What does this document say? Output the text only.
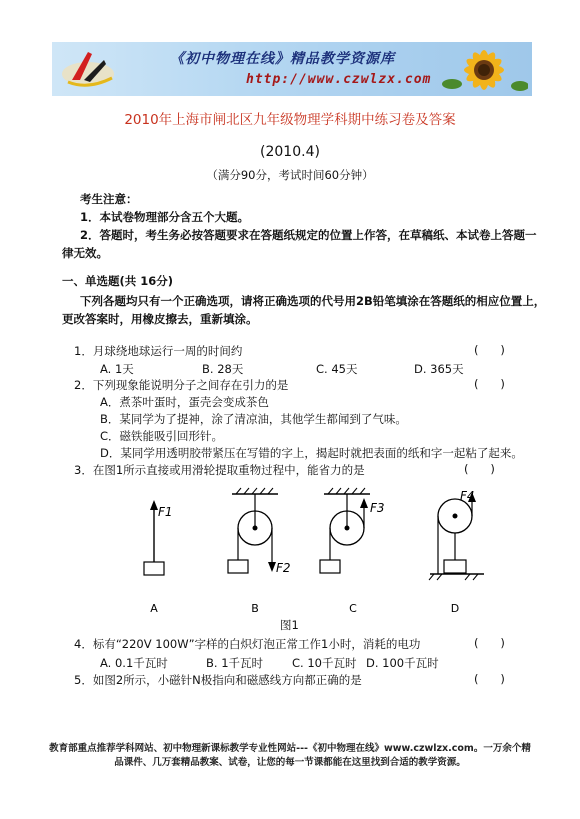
《初中物理在线》精品教学资源库
http://www.czwlzx.com
2010年上海市闸北区九年级物理学科期中练习卷及答案
(2010.4)
（满分90分，考试时间60分钟）
考生注意：
1．本试卷物理部分含五个大题。
2．答题时，考生务必按答题要求在答题纸规定的位置上作答，在草稿纸、本试卷上答题一
律无效。
一、单选题(共 16分)
下列各题均只有一个正确选项，请将正确选项的代号用2B铅笔填涂在答题纸的相应位置上，
更改答案时，用橡皮擦去，重新填涂。
1．月球绕地球运行一周的时间约	(      )
A. 1天	B. 28天	C. 45天	D. 365天
2．下列现象能说明分子之间存在引力的是	(      )
A．煮茶叶蛋时，蛋壳会变成茶色
B．某同学为了提神，涂了清凉油，其他学生都闻到了气味。
C．磁铁能吸引回形针。
D．某同学用透明胶带紧压在写错的字上，揭起时就把表面的纸和字一起粘了起来。
3．在图1所示直接或用滑轮提取重物过程中，能省力的是	(      )
F1
F2
F3
F4
A	B	C	D
图1
4．标有“220V 100W”字样的白炽灯泡正常工作1小时，消耗的电功	(      )
A. 0.1千瓦时	B. 1千瓦时	C. 10千瓦时 D. 100千瓦时
5．如图2所示，小磁针N极指向和磁感线方向都正确的是	(      )
教育部重点推荐学科网站、初中物理新课标教学专业性网站---《初中物理在线》www.czwlzx.com。一万余个精
品课件、几万套精品教案、试卷，让您的每一节课都能在这里找到合适的教学资源。
